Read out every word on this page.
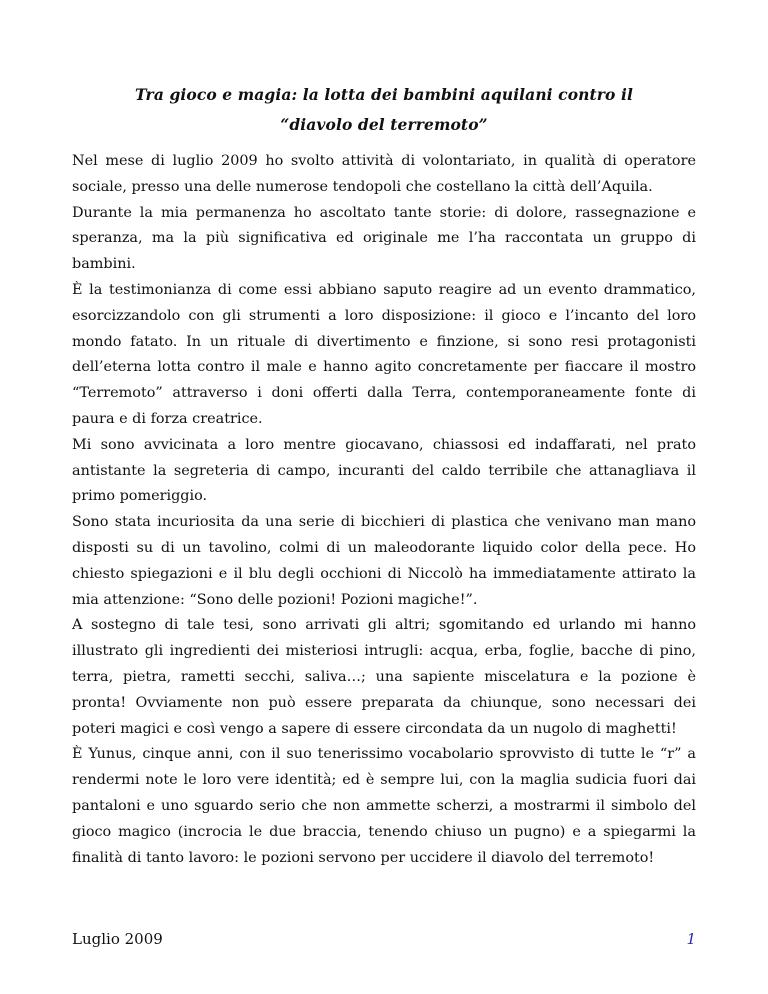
Tra gioco e magia: la lotta dei bambini aquilani contro il
“diavolo del terremoto”

Nel mese di luglio 2009 ho svolto attività di volontariato, in qualità di operatore sociale, presso una delle numerose tendopoli che costellano la città dell’Aquila.

Durante la mia permanenza ho ascoltato tante storie: di dolore, rassegnazione e speranza, ma la più significativa ed originale me l’ha raccontata un gruppo di bambini.

È la testimonianza di come essi abbiano saputo reagire ad un evento drammatico, esorcizzandolo con gli strumenti a loro disposizione: il gioco e l’incanto del loro mondo fatato. In un rituale di divertimento e finzione, si sono resi protagonisti dell’eterna lotta contro il male e hanno agito concretamente per fiaccare il mostro “Terremoto” attraverso i doni offerti dalla Terra, contemporaneamente fonte di paura e di forza creatrice.

Mi sono avvicinata a loro mentre giocavano, chiassosi ed indaffarati, nel prato antistante la segreteria di campo, incuranti del caldo terribile che attanagliava il primo pomeriggio.

Sono stata incuriosita da una serie di bicchieri di plastica che venivano man mano disposti su di un tavolino, colmi di un maleodorante liquido color della pece. Ho chiesto spiegazioni e il blu degli occhioni di Niccolò ha immediatamente attirato la mia attenzione: “Sono delle pozioni! Pozioni magiche!”.

A sostegno di tale tesi, sono arrivati gli altri; sgomitando ed urlando mi hanno illustrato gli ingredienti dei misteriosi intrugli: acqua, erba, foglie, bacche di pino, terra, pietra, rametti secchi, saliva…; una sapiente miscelatura e la pozione è pronta! Ovviamente non può essere preparata da chiunque, sono necessari dei poteri magici e così vengo a sapere di essere circondata da un nugolo di maghetti!

È Yunus, cinque anni, con il suo tenerissimo vocabolario sprovvisto di tutte le “r” a rendermi note le loro vere identità; ed è sempre lui, con la maglia sudicia fuori dai pantaloni e uno sguardo serio che non ammette scherzi, a mostrarmi il simbolo del gioco magico (incrocia le due braccia, tenendo chiuso un pugno) e a spiegarmi la finalità di tanto lavoro: le pozioni servono per uccidere il diavolo del terremoto!

Luglio 2009	1
